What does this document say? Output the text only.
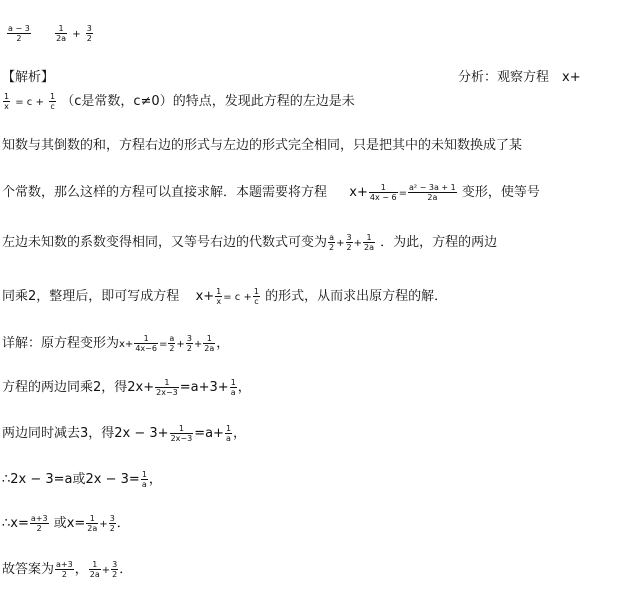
$\frac{a - 3}{2}$
	$\frac{1}{2a} + \frac{3}{2}$
【解析】	分析：观察方程　x+
$\frac{1}{x} = c + \frac{1}{c} (c$是常数，c≠0）的特点，发现此方程的左边是未
知数与其倒数的和，方程右边的形式与左边的形式完全相同，只是把其中的未知数换成了某
个常数，那么这样的方程可以直接求解．本题需要将方程 $x+ \frac{1}{4x - 6} = \frac{\text{a² − 3a + 1}}{2a}$ 变形，使等号
左边未知数的系数变得相同，又等号右边的代数式可变为 $\frac{a}{2} + \frac{3}{2} + \frac{1}{2a}$ ．为此，方程的两边
同乘2，整理后，即可写成方程 $x+ \frac{1}{x} = c + \frac{1}{c}$ 的形式，从而求出原方程的解．
详解：原方程变形为$x+ \frac{1}{4x-6} = \frac{a}{2} + \frac{3}{2} + \frac{1}{2a}$ ，
方程的两边同乘2，得$2x+ \frac{1}{2x-3} =a+3+ \frac{1}{a}$ ，
两边同时减去3，得$2x - 3+ \frac{1}{2x-3} =a+ \frac{1}{a}$ ，
∴2x − 3=a或$2x - 3= \frac{1}{a}$ ，
∴x= $\frac{a+3}{2}$ 或$x= \frac{1}{2a} + \frac{3}{2}$ ．
故答案为 $\frac{a+3}{2}$ ， $\frac{1}{2a} + \frac{3}{2}$ ．
